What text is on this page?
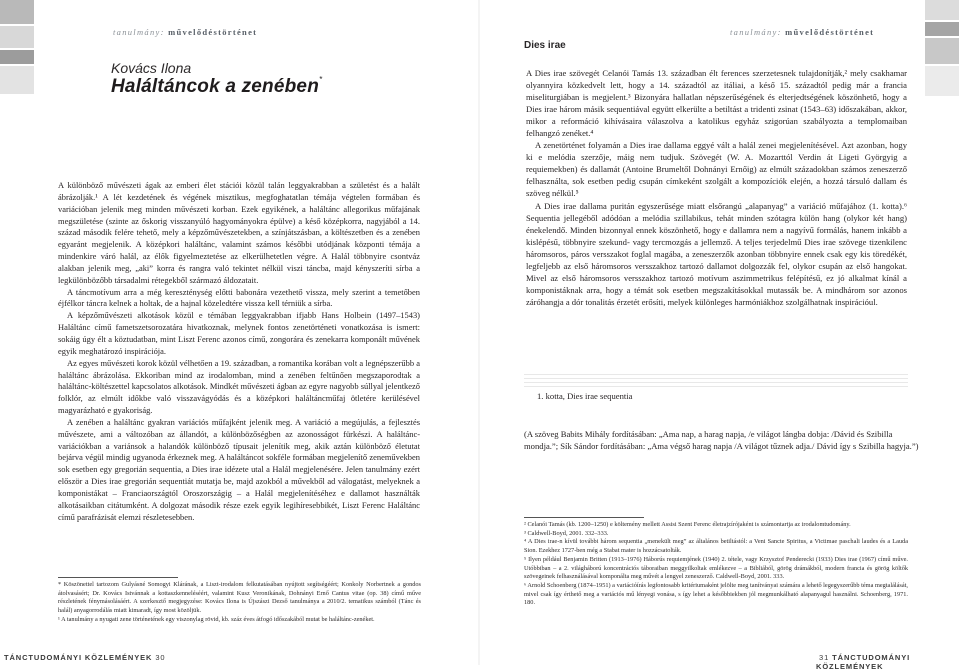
tanulmány: művelődéstörténet
Kovács Ilona
Haláltáncok a zenében*

A különböző művészeti ágak az emberi élet stációi közül talán leggyakrabban a születést és a halált ábrázolják.¹ A lét kezdetének és végének misztikus, megfoghatatlan témája végtelen formában és variációban jelenik meg minden művészeti korban. Ezek egyikének, a haláltánc allegorikus műfajának megszületése (szinte az őskorig visszanyúló hagyományokra épülve) a késő középkorra, nagyjából a 14. század második felére tehető, mely a képzőművészetekben, a színjátszásban, a költészetben és a zenében egyaránt megjelenik. A középkori haláltánc, valamint számos későbbi utódjának központi témája a mindenkire váró halál, az élők figyelmeztetése az elkerülhetetlen végre. A Halál többnyire csontváz alakban jelenik meg, „aki” korra és rangra való tekintet nélkül viszi táncba, majd kényszeríti sírba a legkülönbözőbb társadalmi rétegekből származó áldozatait.

A táncmotívum arra a még kereszténység előtti babonára vezethető vissza, mely szerint a temetőben éjfélkor táncra kelnek a holtak, de a hajnal közeledtére vissza kell térniük a sírba.

A képzőművészeti alkotások közül e témában leggyakrabban ifjabb Hans Holbein (1497–1543) Haláltánc című fametszetsorozatára hivatkoznak, melynek fontos zenetörténeti vonatkozása is ismert: sokáig úgy élt a köztudatban, mint Liszt Ferenc azonos című, zongorára és zenekarra komponált művének egyik meghatározó inspirációja.

Az egyes művészeti korok közül vélhetően a 19. században, a romantika korában volt a legnépszerűbb a haláltánc ábrázolása. Ekkoriban mind az irodalomban, mind a zenében feltűnően megszaporodtak a haláltánc-költészettel kapcsolatos alkotások. Mindkét művészeti ágban az egyre nagyobb súllyal jelentkező folklór, az elmúlt időkbe való visszavágyódás és a középkori haláltáncműfaj ötletére kerülésével magyarázható e gyakoriság.

A zenében a haláltánc gyakran variációs műfajként jelenik meg. A variáció a megújulás, a fejlesztés művészete, ami a változóban az állandót, a különbözőségben az azonosságot fürkészi. A haláltánc-variációkban a variánsok a halandók különböző típusait jelenítik meg, akik aztán különböző életutat bejárva végül mindig ugyanoda érkeznek meg. A haláltáncot sokféle formában megjelenítő zeneművekben sok esetben egy gregorián sequentia, a Dies irae idézete utal a Halál megjelenésére. Jelen tanulmány ezért először a Dies irae gregorián sequentiát mutatja be, majd azokból a művekből ad válogatást, melyeknek a komponistákat – Franciaországtól Oroszországig – a Halál megjelenítéséhez e dallamot használták alkotásaikban citátumként. A dolgozat második része ezek egyik legihíresebbikét, Liszt Ferenc Haláltánc című parafrázisát elemzi részletesebben.

* Köszönettel tartozom Gulyásné Somogyi Klárának, a Liszt-irodalom felkutatásában nyújtott segítségéért; Konkoly Norbertnek a gondos átolvasásért; Dr. Kovács Istvánnak a kottaszkenneléséért, valamint Kusz Veronikának, Dohnányi Ernő Cantus vitae (op. 38) című műve részletének fénymásolásáért. A szerkesztő megjegyzése: Kovács Ilona is Újszászi Dezső tanulmánya a 2010/2. tematikus számból (Tánc és halál) anyagorrodálás miatt kimaradt, így most közöljük.

¹ A tanulmány a nyugati zene történetének egy viszonylag rövid, kb. száz éves átfogó időszakából mutat be haláltánc-zenéket.

TÁNCTUDOMÁNYI KÖZLEMÉNYEK 30
tanulmány: művelődéstörténet
Dies irae

A Dies irae szövegét Celanói Tamás 13. században élt ferences szerzetesnek tulajdonítják,² mely csakhamar olyannyira közkedvelt lett, hogy a 14. századtól az itáliai, a késő 15. századtól pedig már a francia miseliturgiában is megjelent.³ Bizonyára hallatlan népszerűségének és elterjedtségének köszönhető, hogy a Dies irae három másik sequentiával együtt elkerülte a betiltást a tridenti zsinat (1543–63) időszakában, akkor, mikor a reformáció kihívásaira válaszolva a katolikus egyház szigorúan szabályozta a templomaiban felhangzó zenéket.⁴

A zenetörténet folyamán a Dies irae dallama eggyé vált a halál zenei megjelenítésével. Azt azonban, hogy ki e melódia szerzője, máig nem tudjuk. Szövegét (W. A. Mozarttól Verdin át Ligeti Györgyig a requiemekben) és dallamát (Antoine Brumeltől Dohnányi Ernőig) az elmúlt századokban számos zeneszerző felhasználta, sok esetben pedig csupán címkeként szolgált a kompozíciók elején, a hozzá társuló dallam és szöveg nélkül.⁵

A Dies irae dallama puritán egyszerűsége miatt elsőrangú „alapanyag” a variáció műfajához (1. kotta).⁶ Sequentia jellegéből adódóan a melódia szillabikus, tehát minden szótagra külön hang (olykor két hang) énekelendő. Minden bizonnyal ennek köszönhető, hogy e dallamra nem a nagyívű formálás, hanem inkább a kislépésű, többnyire szekund- vagy tercmozgás a jellemző. A teljes terjedelmű Dies irae szövege tizenkilenc háromsoros, páros versszakot foglal magába, a zeneszerzők azonban többnyire ennek csak egy kis töredékét, legfeljebb az első háromsoros versszakhoz tartozó dallamot dolgozzák fel, olykor csupán az első hangokat. Mivel az első háromsoros versszakhoz tartozó motívum aszimmetrikus felépítésű, ez jó alkalmat kínál a komponistáknak arra, hogy a témát sok esetben megszakításokkal mutassák be. A mindhárom sor azonos záróhangja a dór tonalitás érzetét erősíti, melyek különleges harmóniákhoz szolgálhatnak inspirációul.

1. kotta, Dies irae sequentia
(A szöveg Babits Mihály fordításában: „Ama nap, a harag napja, /e világot lángba dobja: /Dávid és Szibilla mondja.”; Sík Sándor fordításában: „Ama végső harag napja /A világot tűznek adja./ Dávid így s Szibilla hagyja.”)

² Celanói Tamás (kb. 1200–1250) e költemény mellett Assisi Szent Ferenc életrajzírójaként is számontartja az irodalomtudomány.

³ Caldwell-Boyd, 2001. 332–333.

⁴ A Dies irae-n kívül további három sequentia „menekült meg” az általános betiltástól: a Veni Sancte Spiritus, a Victimae paschali laudes és a Lauda Sion. Ezekhez 1727-ben még a Stabat mater is hozzácsatolták.

⁵ Ilyen például Benjamin Britten (1913–1976) Háborús requiemjének (1940) 2. tétele, vagy Krzysztof Penderecki (1933) Dies irae (1967) című műve. Utóbbiban – a 2. világháború koncentrációs táboraiban meggyilkoltak emlékezve – a Bibliából, görög drámákból, modern francia és görög költők szövegeinek felhasználásával komponálta meg művét a lengyel zeneszerző. Caldwell-Boyd, 2001. 333.

⁶ Arnold Schoenberg (1874–1951) a variációírás legfontosabb kritériumaként jelölte meg tanítványai számára a lehető legegyszerűbb téma megtalálását, mivel csak így érthető meg a variációs mű lényegi vonása, s így lehet a későbbiekben jól megmunkálható alapanyagul használni. Schoenberg, 1971. 180.

31 TÁNCTUDOMÁNYI KÖZLEMÉNYEK
